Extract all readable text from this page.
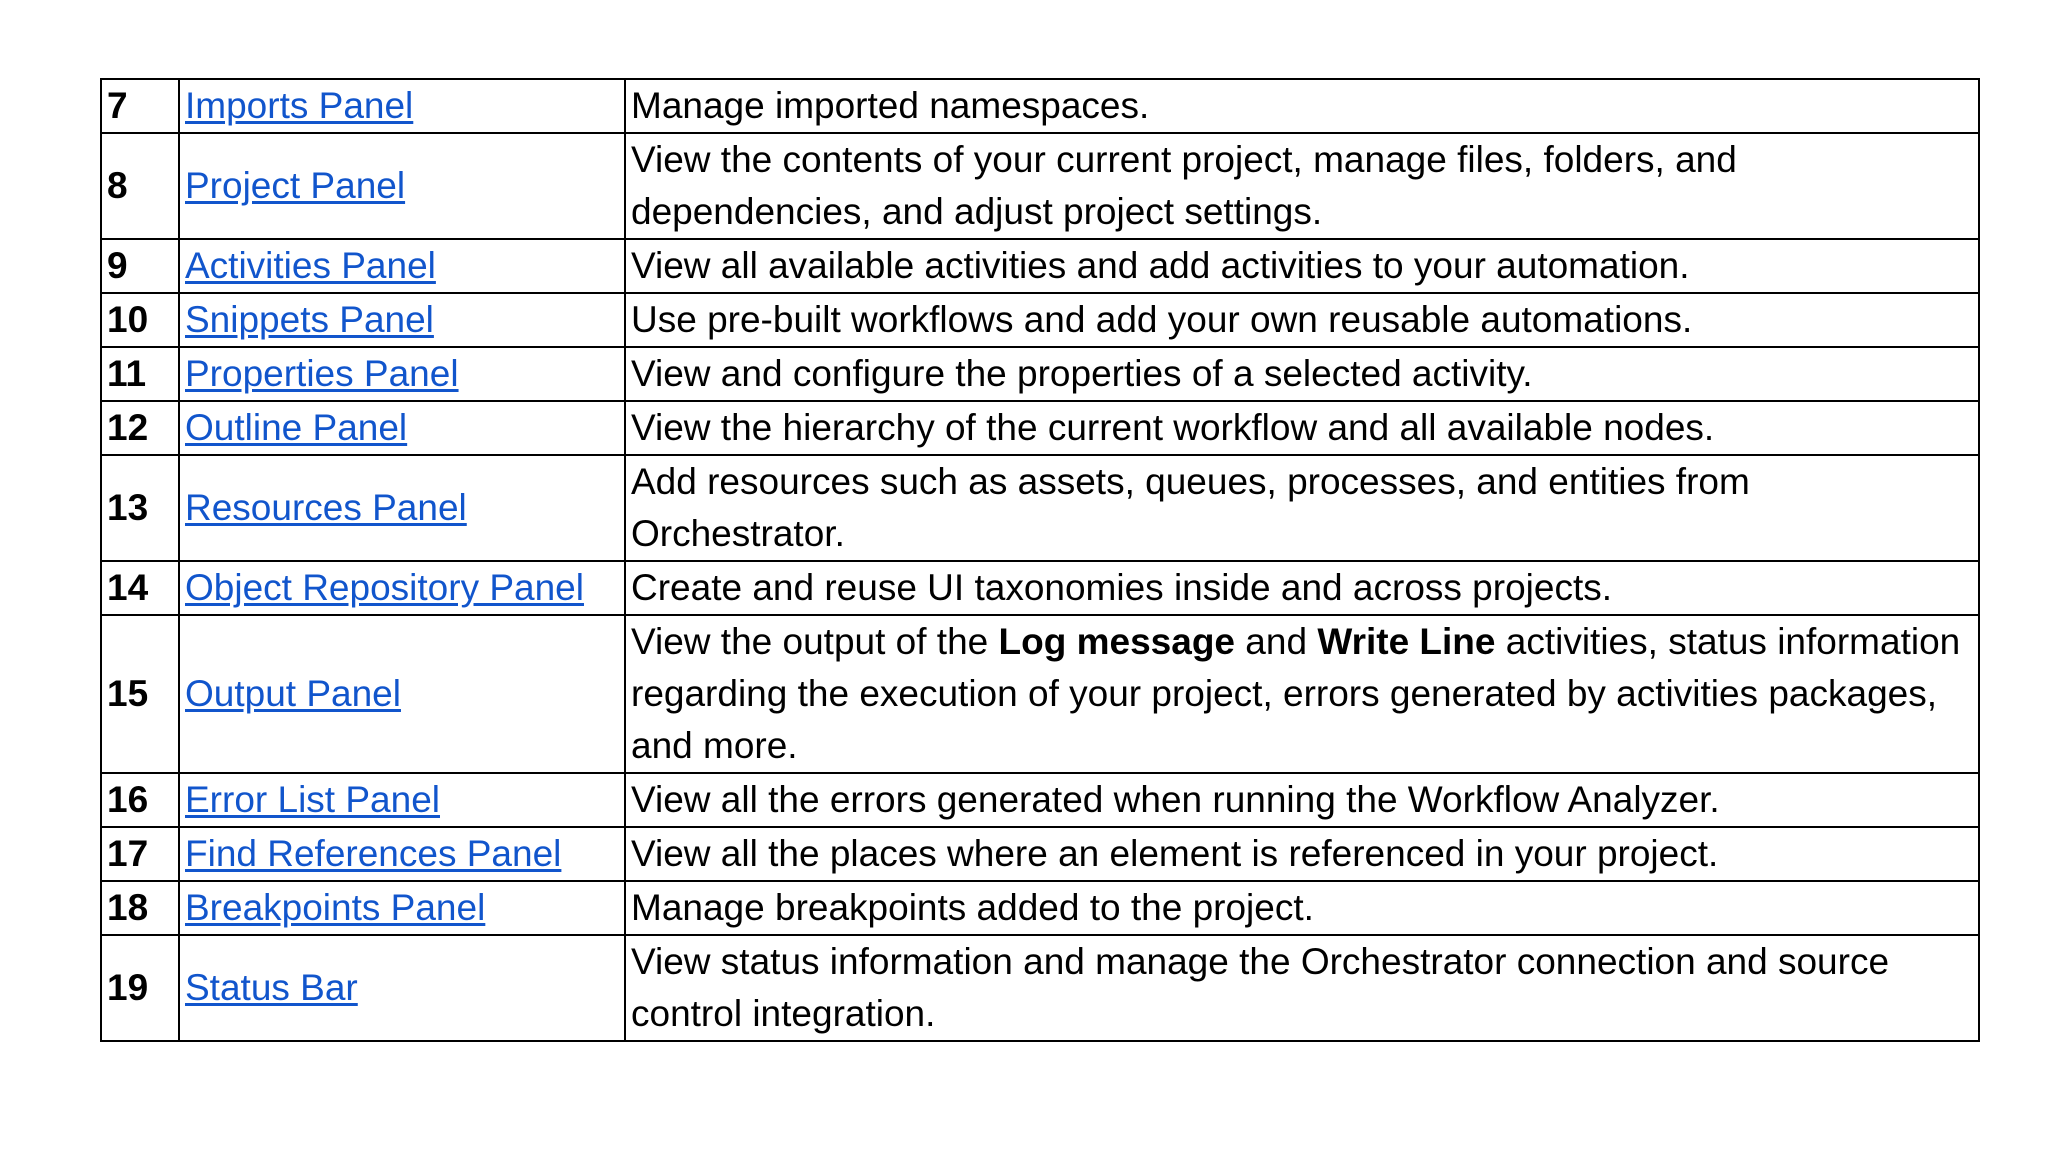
7	Imports Panel	Manage imported namespaces.
8	Project Panel	View the contents of your current project, manage files, folders, and dependencies, and adjust project settings.
9	Activities Panel	View all available activities and add activities to your automation.
10	Snippets Panel	Use pre-built workflows and add your own reusable automations.
11	Properties Panel	View and configure the properties of a selected activity.
12	Outline Panel	View the hierarchy of the current workflow and all available nodes.
13	Resources Panel	Add resources such as assets, queues, processes, and entities from Orchestrator.
14	Object Repository Panel	Create and reuse UI taxonomies inside and across projects.
15	Output Panel	View the output of the Log message and Write Line activities, status information regarding the execution of your project, errors generated by activities packages, and more.
16	Error List Panel	View all the errors generated when running the Workflow Analyzer.
17	Find References Panel	View all the places where an element is referenced in your project.
18	Breakpoints Panel	Manage breakpoints added to the project.
19	Status Bar	View status information and manage the Orchestrator connection and source control integration.
